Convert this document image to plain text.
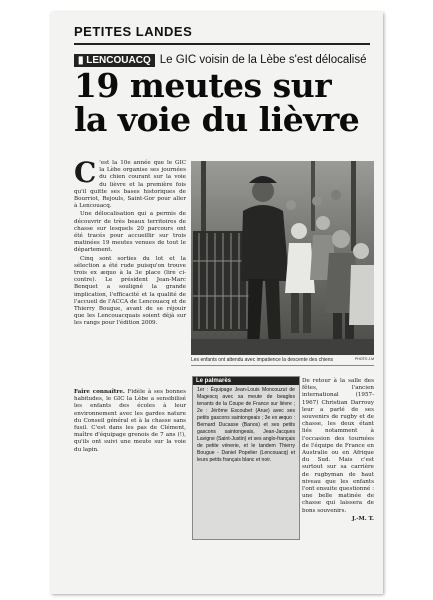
PETITES LANDES
▮ LENCOUACQ Le GIC voisin de la Lèbe s'est délocalisé
19 meutes sur la voie du lièvre

C 'est la 10e année que le GIC la Lèbe organise ses journées du chien courant sur la voie du lièvre et la première fois qu'il quitte ses bases historiques de Bourriot, Rejouls, Saint-Gor pour aller à Lencouacq.

Une délocalisation qui a permis de découvrir de très beaux territoires de chasse sur lesquels 20 parcours ont été tracés pour accueillir sur trois matinées 19 meutes venues de tout le département.

Cinq sont sorties du lot et la sélection a été rude puisqu'on trouve trois ex æquo à la 3e place (lire ci-contre). Le président Jean-Marc Benquet a souligné la grande implication, l'efficacité et la qualité de l'accueil de l'ACCA de Lencouacq et de Thierry Bougue, avant de se réjouir que les Lencouacquais soient déjà sur les rangs pour l'édition 2009.

Faire connaître. Fidèle à ses bonnes habitudes, le GIC la Lèbe a sensibilisé les enfants des écoles à leur environnement avec les gardes nature du Conseil général et à la chasse sans fusil. C'est dans les pas de Clément, maître d'équipage grenois de 7 ans (!), qu'ils ont suivi une meute sur la voie du lapin.

Les enfants ont attendu avec impatience la descente des chiens	PHOTO J.M
Le palmarès
1er : Équipage Jean-Louis Moncouzut de Magescq avec sa meute de beagles tenants de la Coupe de France sur lièvre ; 2e : Jérôme Escoubet (Arue) avec ses petits gascons saintongeais ; 3e ex æquo : Bernard Ducasse (Banos) et ses petits gascons saintongeais, Jean-Jacques Lavigne (Saint-Justin) et ses anglo-français de petite vénerie, et le tandem Thierry Bougue - Daniel Popelier (Lencouacq) et leurs petits français blanc et noir.

De retour à la salle des fêtes, l'ancien international (1957-1967) Christian Darrouy leur a parlé de ses souvenirs de rugby et de chasse, les deux étant liés notamment à l'occasion des tournées de l'équipe de France en Australie ou en Afrique du Sud. Mais c'est surtout sur sa carrière de rugbyman de haut niveau que les enfants l'ont ensuite questionné : une belle matinée de chasse qui laissera de bons souvenirs.

J.-M. T.
